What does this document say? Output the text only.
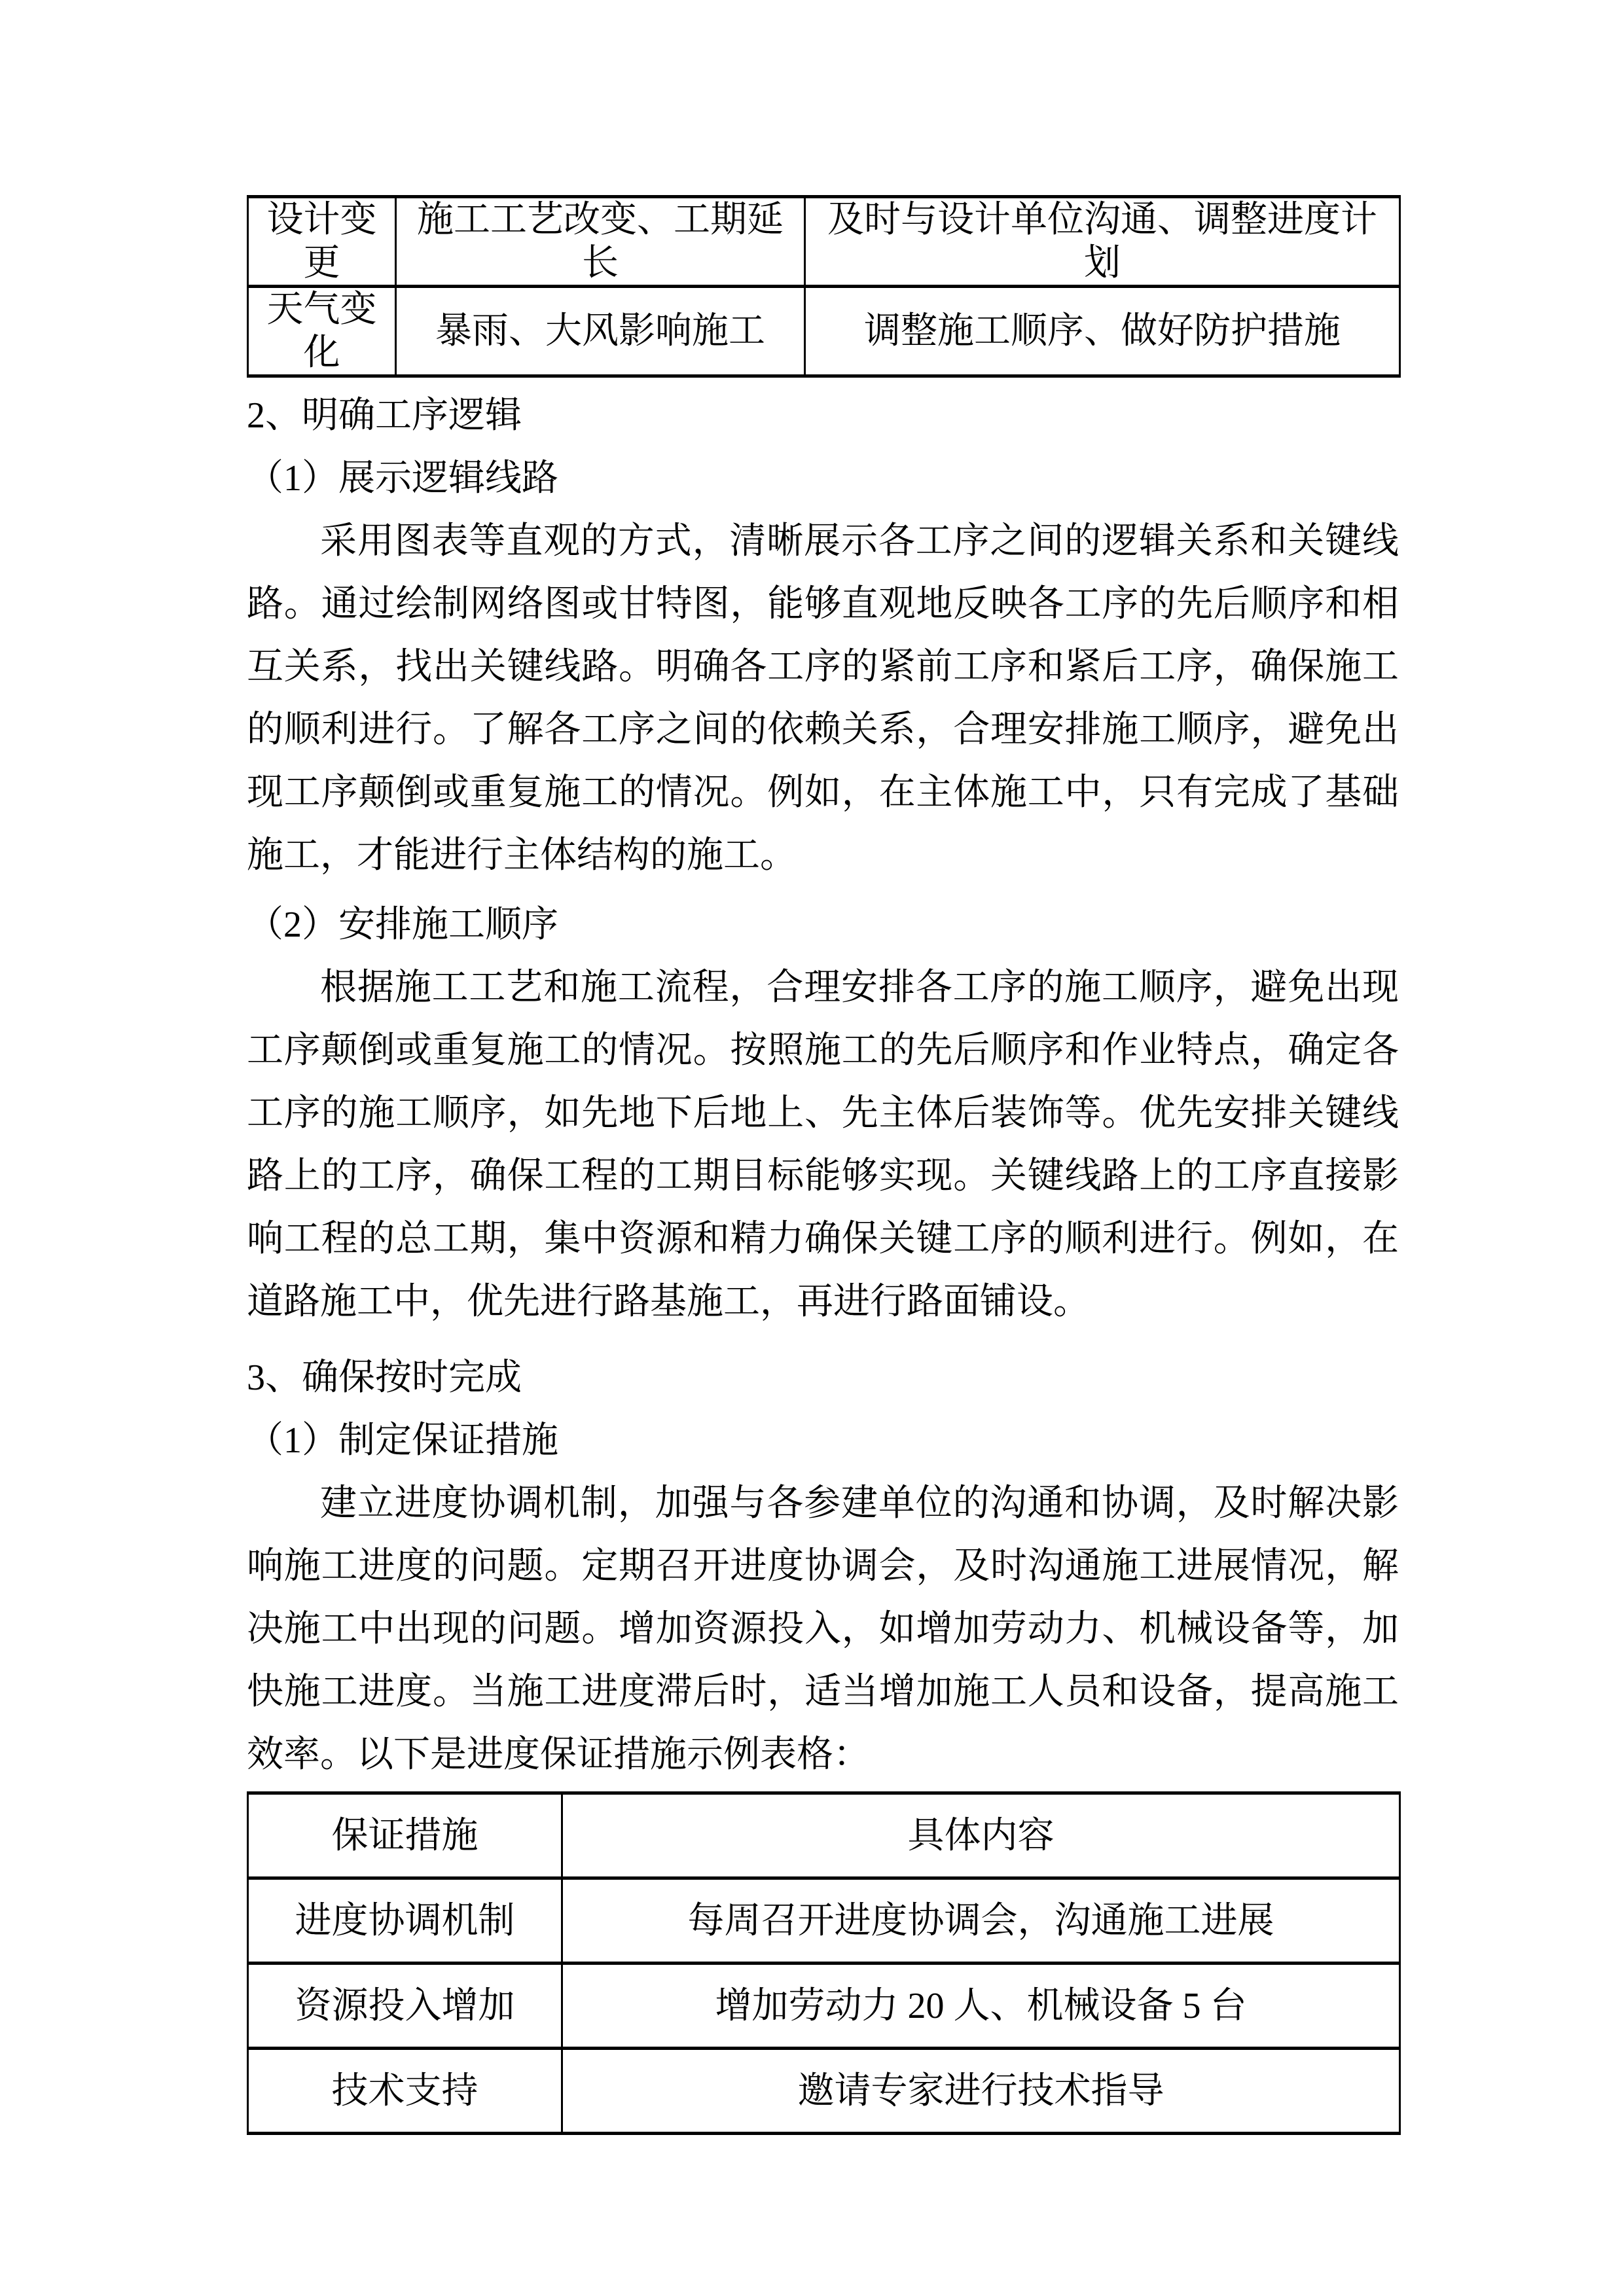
设计变更	施工工艺改变、工期延长	及时与设计单位沟通、调整进度计划
天气变化	暴雨、大风影响施工	调整施工顺序、做好防护措施

2、明确工序逻辑

（1）展示逻辑线路

采用图表等直观的方式，清晰展示各工序之间的逻辑关系和关键线路。通过绘制网络图或甘特图，能够直观地反映各工序的先后顺序和相互关系，找出关键线路。明确各工序的紧前工序和紧后工序，确保施工的顺利进行。了解各工序之间的依赖关系，合理安排施工顺序，避免出现工序颠倒或重复施工的情况。例如，在主体施工中，只有完成了基础施工，才能进行主体结构的施工。

（2）安排施工顺序

根据施工工艺和施工流程，合理安排各工序的施工顺序，避免出现工序颠倒或重复施工的情况。按照施工的先后顺序和作业特点，确定各工序的施工顺序，如先地下后地上、先主体后装饰等。优先安排关键线路上的工序，确保工程的工期目标能够实现。关键线路上的工序直接影响工程的总工期，集中资源和精力确保关键工序的顺利进行。例如，在道路施工中，优先进行路基施工，再进行路面铺设。

3、确保按时完成

（1）制定保证措施

建立进度协调机制，加强与各参建单位的沟通和协调，及时解决影响施工进度的问题。定期召开进度协调会，及时沟通施工进展情况，解决施工中出现的问题。增加资源投入，如增加劳动力、机械设备等，加快施工进度。当施工进度滞后时，适当增加施工人员和设备，提高施工效率。以下是进度保证措施示例表格：

保证措施	具体内容
进度协调机制	每周召开进度协调会，沟通施工进展
资源投入增加	增加劳动力 20 人、机械设备 5 台
技术支持	邀请专家进行技术指导
